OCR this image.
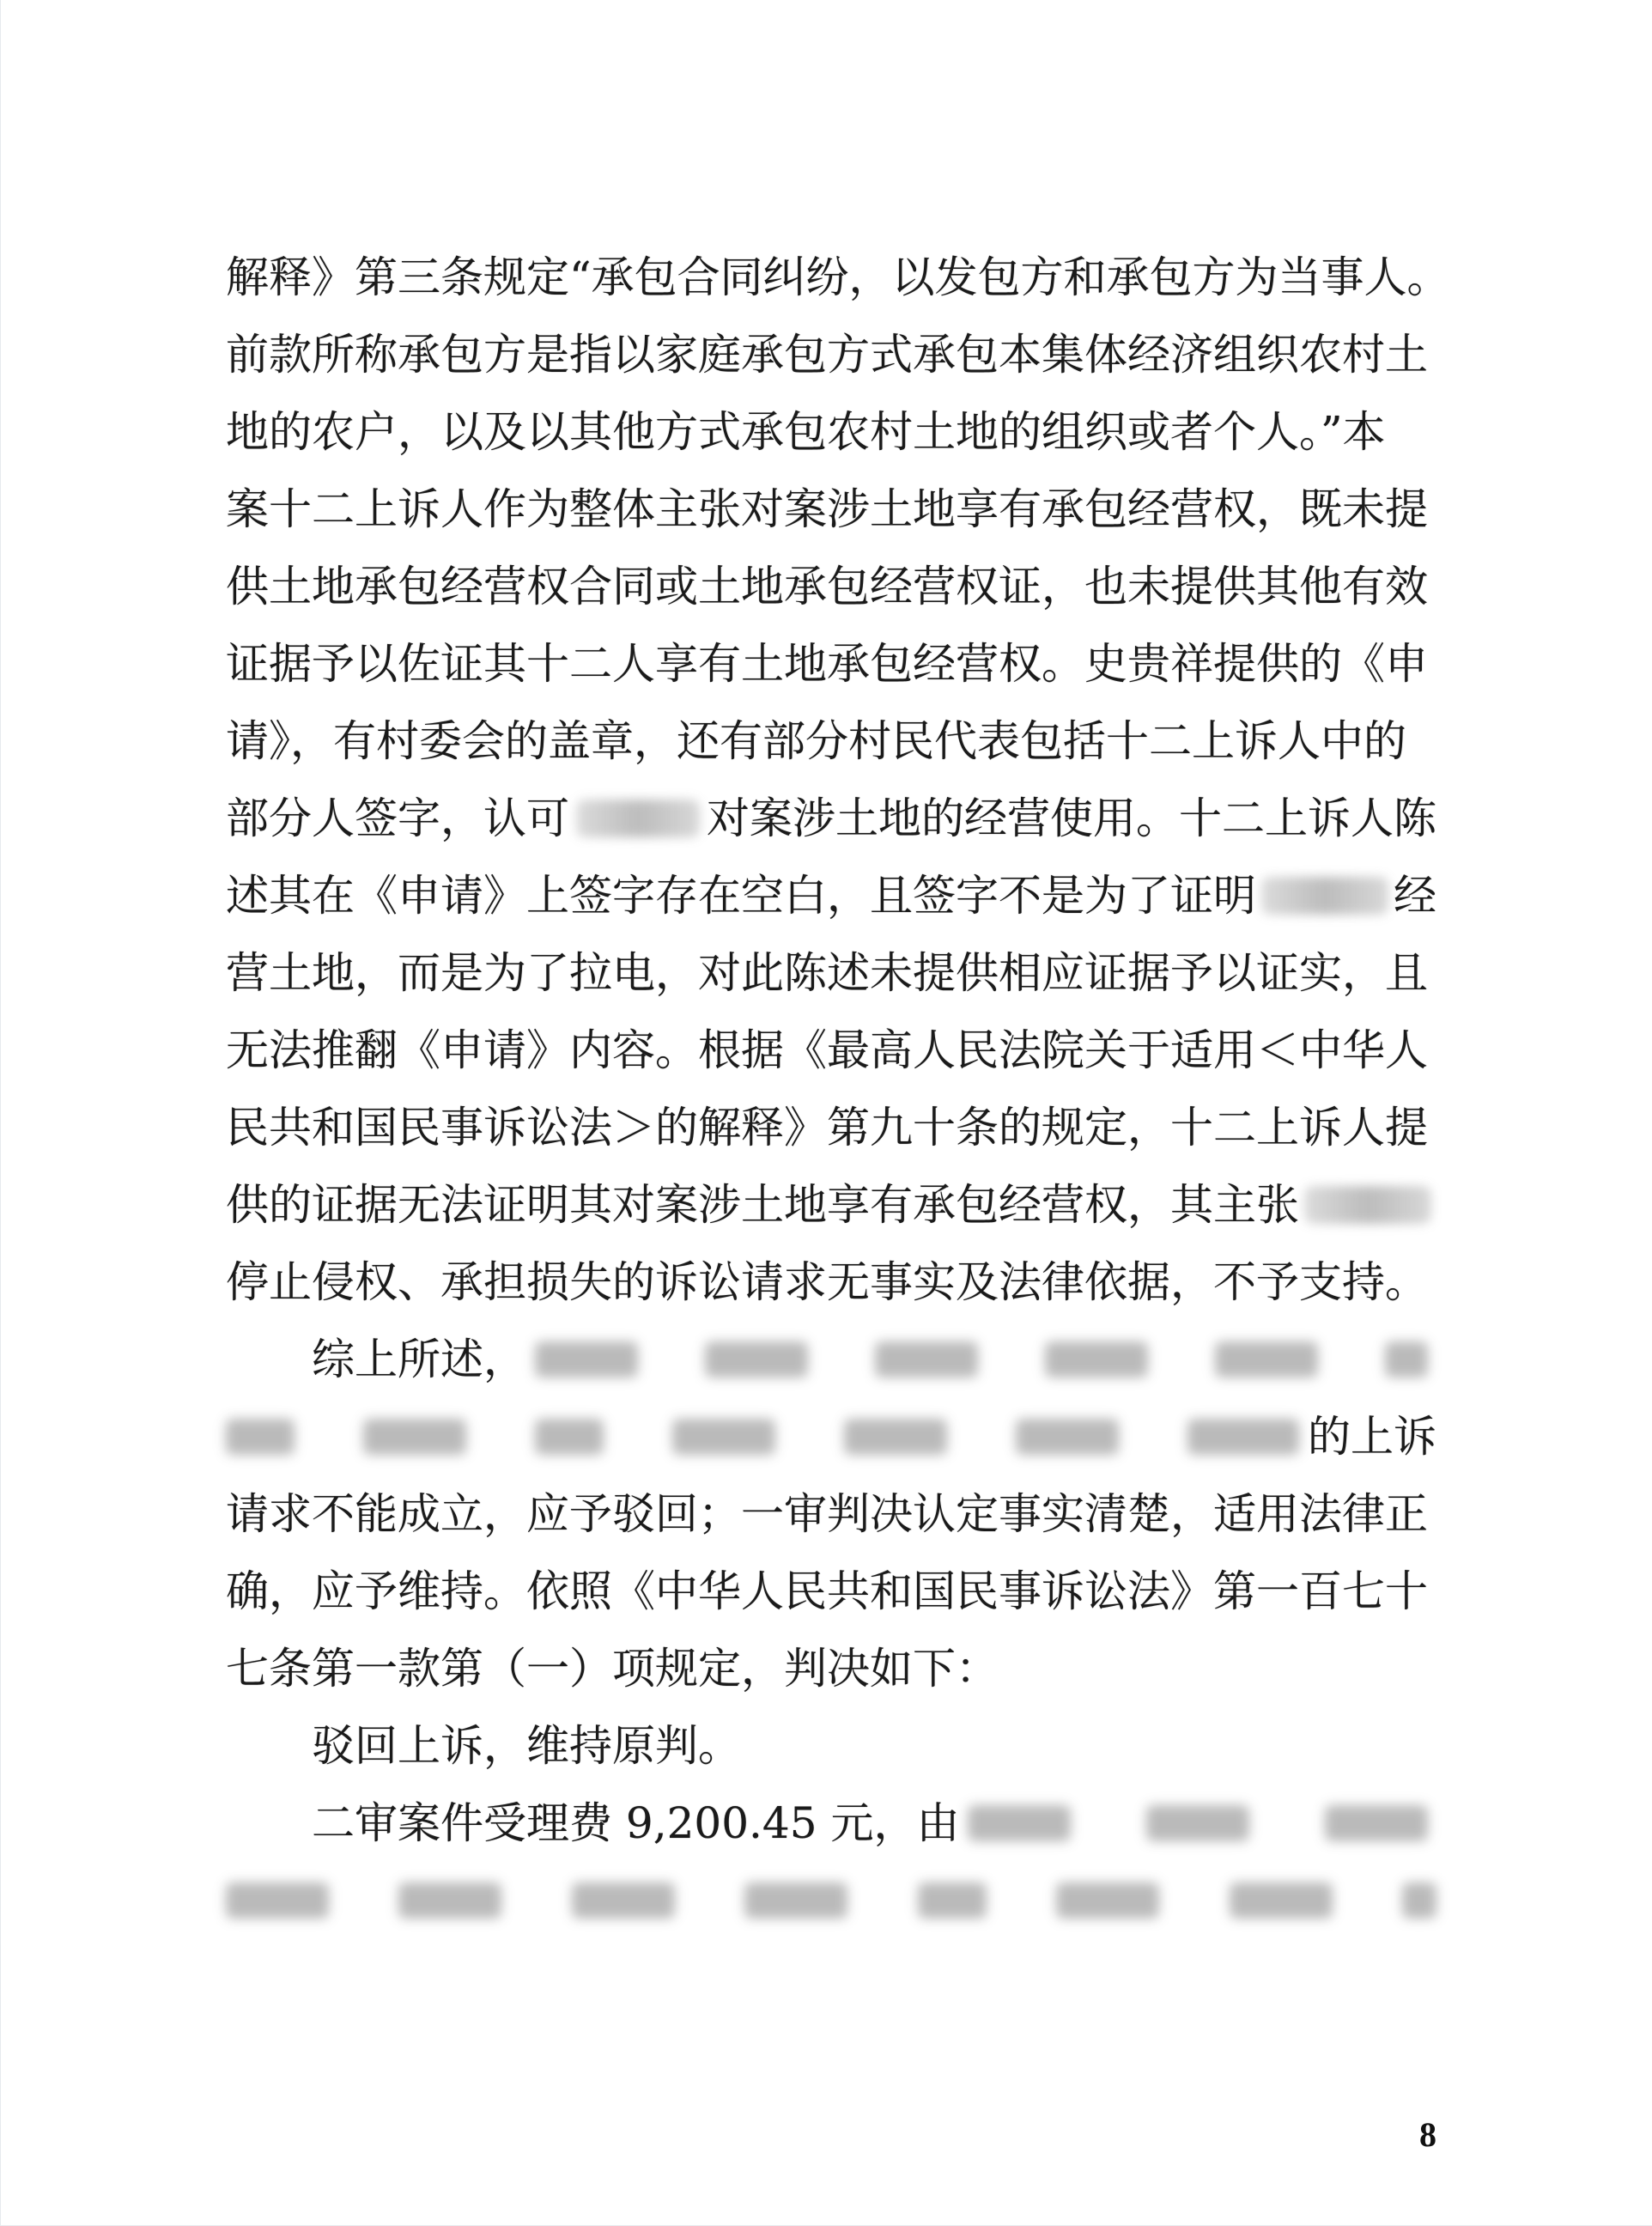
解释》第三条规定“承包合同纠纷，以发包方和承包方为当事人。
前款所称承包方是指以家庭承包方式承包本集体经济组织农村土
地的农户，以及以其他方式承包农村土地的组织或者个人。”本
案十二上诉人作为整体主张对案涉土地享有承包经营权，既未提
供土地承包经营权合同或土地承包经营权证，也未提供其他有效
证据予以佐证其十二人享有土地承包经营权。史贵祥提供的《申
请》，有村委会的盖章，还有部分村民代表包括十二上诉人中的
部分人签字，认可	对案涉土地的经营使用。十二上诉人陈
述其在《申请》上签字存在空白，且签字不是为了证明	经
营土地，而是为了拉电，对此陈述未提供相应证据予以证实，且
无法推翻《申请》内容。根据《最高人民法院关于适用＜中华人
民共和国民事诉讼法＞的解释》第九十条的规定，十二上诉人提
供的证据无法证明其对案涉土地享有承包经营权，其主张
停止侵权、承担损失的诉讼请求无事实及法律依据，不予支持。
综上所述，
的上诉
请求不能成立，应予驳回；一审判决认定事实清楚，适用法律正
确，应予维持。依照《中华人民共和国民事诉讼法》第一百七十
七条第一款第（一）项规定，判决如下：
驳回上诉，维持原判。
二审案件受理费 9,200.45 元，由
8
